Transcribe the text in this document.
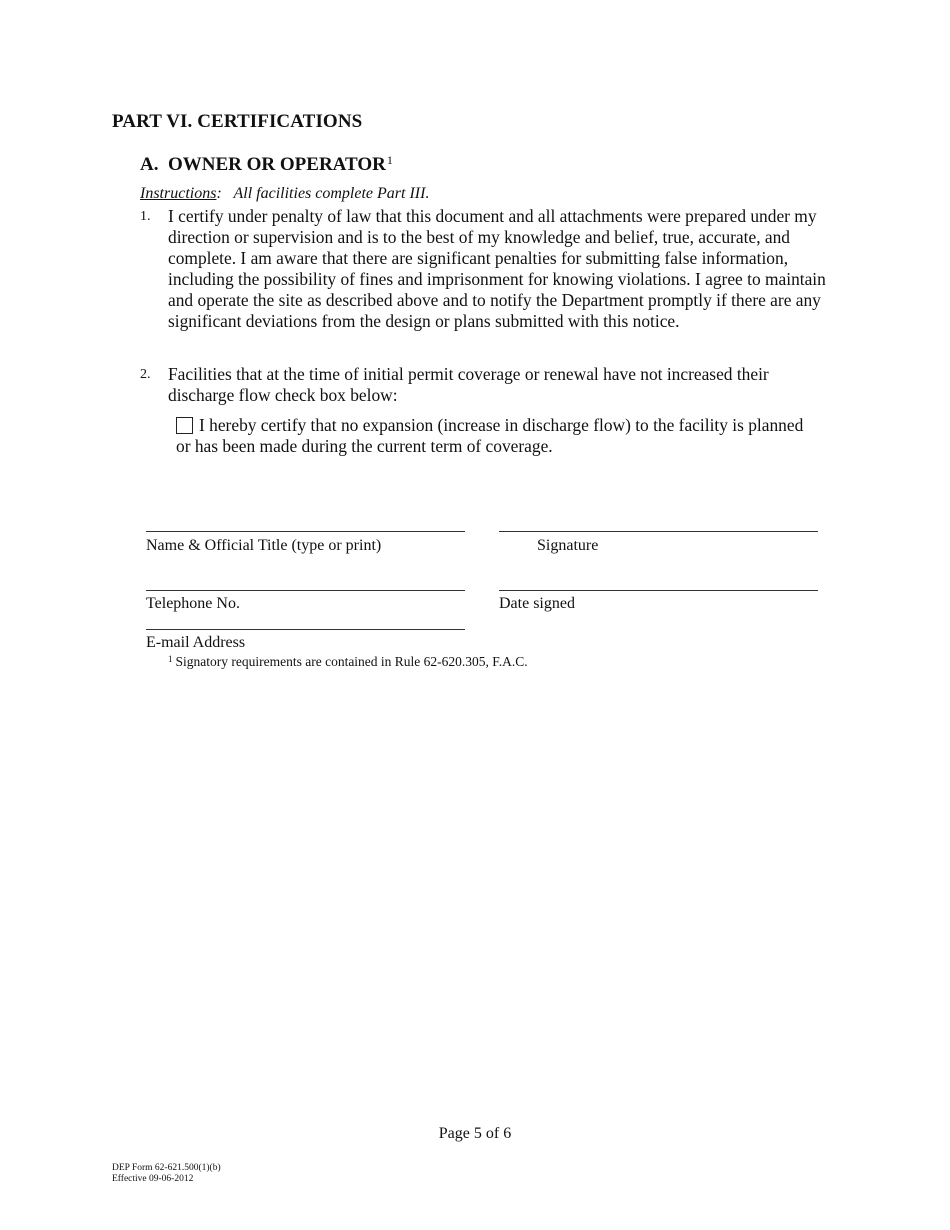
PART VI. CERTIFICATIONS
A. OWNER OR OPERATOR$^1$
Instructions: All facilities complete Part III.
1. I certify under penalty of law that this document and all attachments were prepared under my direction or supervision and is to the best of my knowledge and belief, true, accurate, and complete. I am aware that there are significant penalties for submitting false information, including the possibility of fines and imprisonment for knowing violations. I agree to maintain and operate the site as described above and to notify the Department promptly if there are any significant deviations from the design or plans submitted with this notice.
2. Facilities that at the time of initial permit coverage or renewal have not increased their discharge flow check box below:
I hereby certify that no expansion (increase in discharge flow) to the facility is planned or has been made during the current term of coverage.
Name & Official Title (type or print)	Signature
Telephone No.	Date signed
E-mail Address
$^1$ Signatory requirements are contained in Rule 62-620.305, F.A.C.
Page 5 of 6
DEP Form 62-621.500(1)(b)
Effective 09-06-2012
